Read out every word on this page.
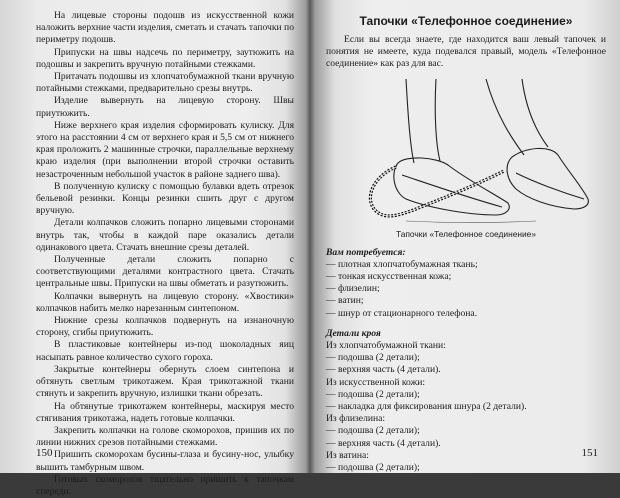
На лицевые стороны подошв из искусственной кожи наложить верхние части изделия, сметать и стачать тапочки по периметру подошв.

Припуски на швы надсечь по периметру, заутюжить на подошвы и закрепить вручную потайными стежками.

Притачать подошвы из хлопчатобумажной ткани вручную потайными стежками, предварительно срезы внутрь.

Изделие вывернуть на лицевую сторону. Швы приутюжить.

Ниже верхнего края изделия сформировать кулиску. Для этого на расстоянии 4 см от верхнего края и 5,5 см от нижнего края проложить 2 машинные строчки, параллельные верхнему краю изделия (при выполнении второй строчки оставить незастроченным небольшой участок в районе заднего шва).

В полученную кулиску с помощью булавки вдеть отрезок бельевой резинки. Концы резинки сшить друг с другом вручную.

Детали колпачков сложить попарно лицевыми сторонами внутрь так, чтобы в каждой паре оказались детали одинакового цвета. Стачать внешние срезы деталей.

Полученные детали сложить попарно с соответствующими деталями контрастного цвета. Стачать центральные швы. Припуски на швы обметать и разутюжить.

Колпачки вывернуть на лицевую сторону. «Хвостики» колпачков набить мелко нарезанным синтепоном.

Нижние срезы колпачков подвернуть на изнаночную сторону, сгибы приутюжить.

В пластиковые контейнеры из-под шоколадных яиц насыпать равное количество сухого гороха.

Закрытые контейнеры обернуть слоем синтепона и обтянуть светлым трикотажем. Края трикотажной ткани стянуть и закрепить вручную, излишки ткани обрезать.

На обтянутые трикотажем контейнеры, маскируя место стягивания трикотажа, надеть готовые колпачки.

Закрепить колпачки на голове скоморохов, пришив их по линии нижних срезов потайными стежками.

Пришить скоморохам бусины-глаза и бусину-нос, улыбку вышить тамбурным швом.

Готовых скоморохов тщательно пришить к тапочкам спереди.

150
Тапочки «Телефонное соединение»

Если вы всегда знаете, где находится ваш левый тапочек и понятия не имеете, куда подевался правый, модель «Телефонное соединение» как раз для вас.

Тапочки «Телефонное соединение»
Вам потребуется:
— плотная хлопчатобумажная ткань;
— тонкая искусственная кожа;
— флизелин;
— ватин;
— шнур от стационарного телефона.
Детали кроя
Из хлопчатобумажной ткани:
— подошва (2 детали);
— верхняя часть (4 детали).
Из искусственной кожи:
— подошва (2 детали);
— накладка для фиксирования шнура (2 детали).
Из флизелина:
— подошва (2 детали);
— верхняя часть (4 детали).
Из ватина:
— подошва (2 детали);
151
